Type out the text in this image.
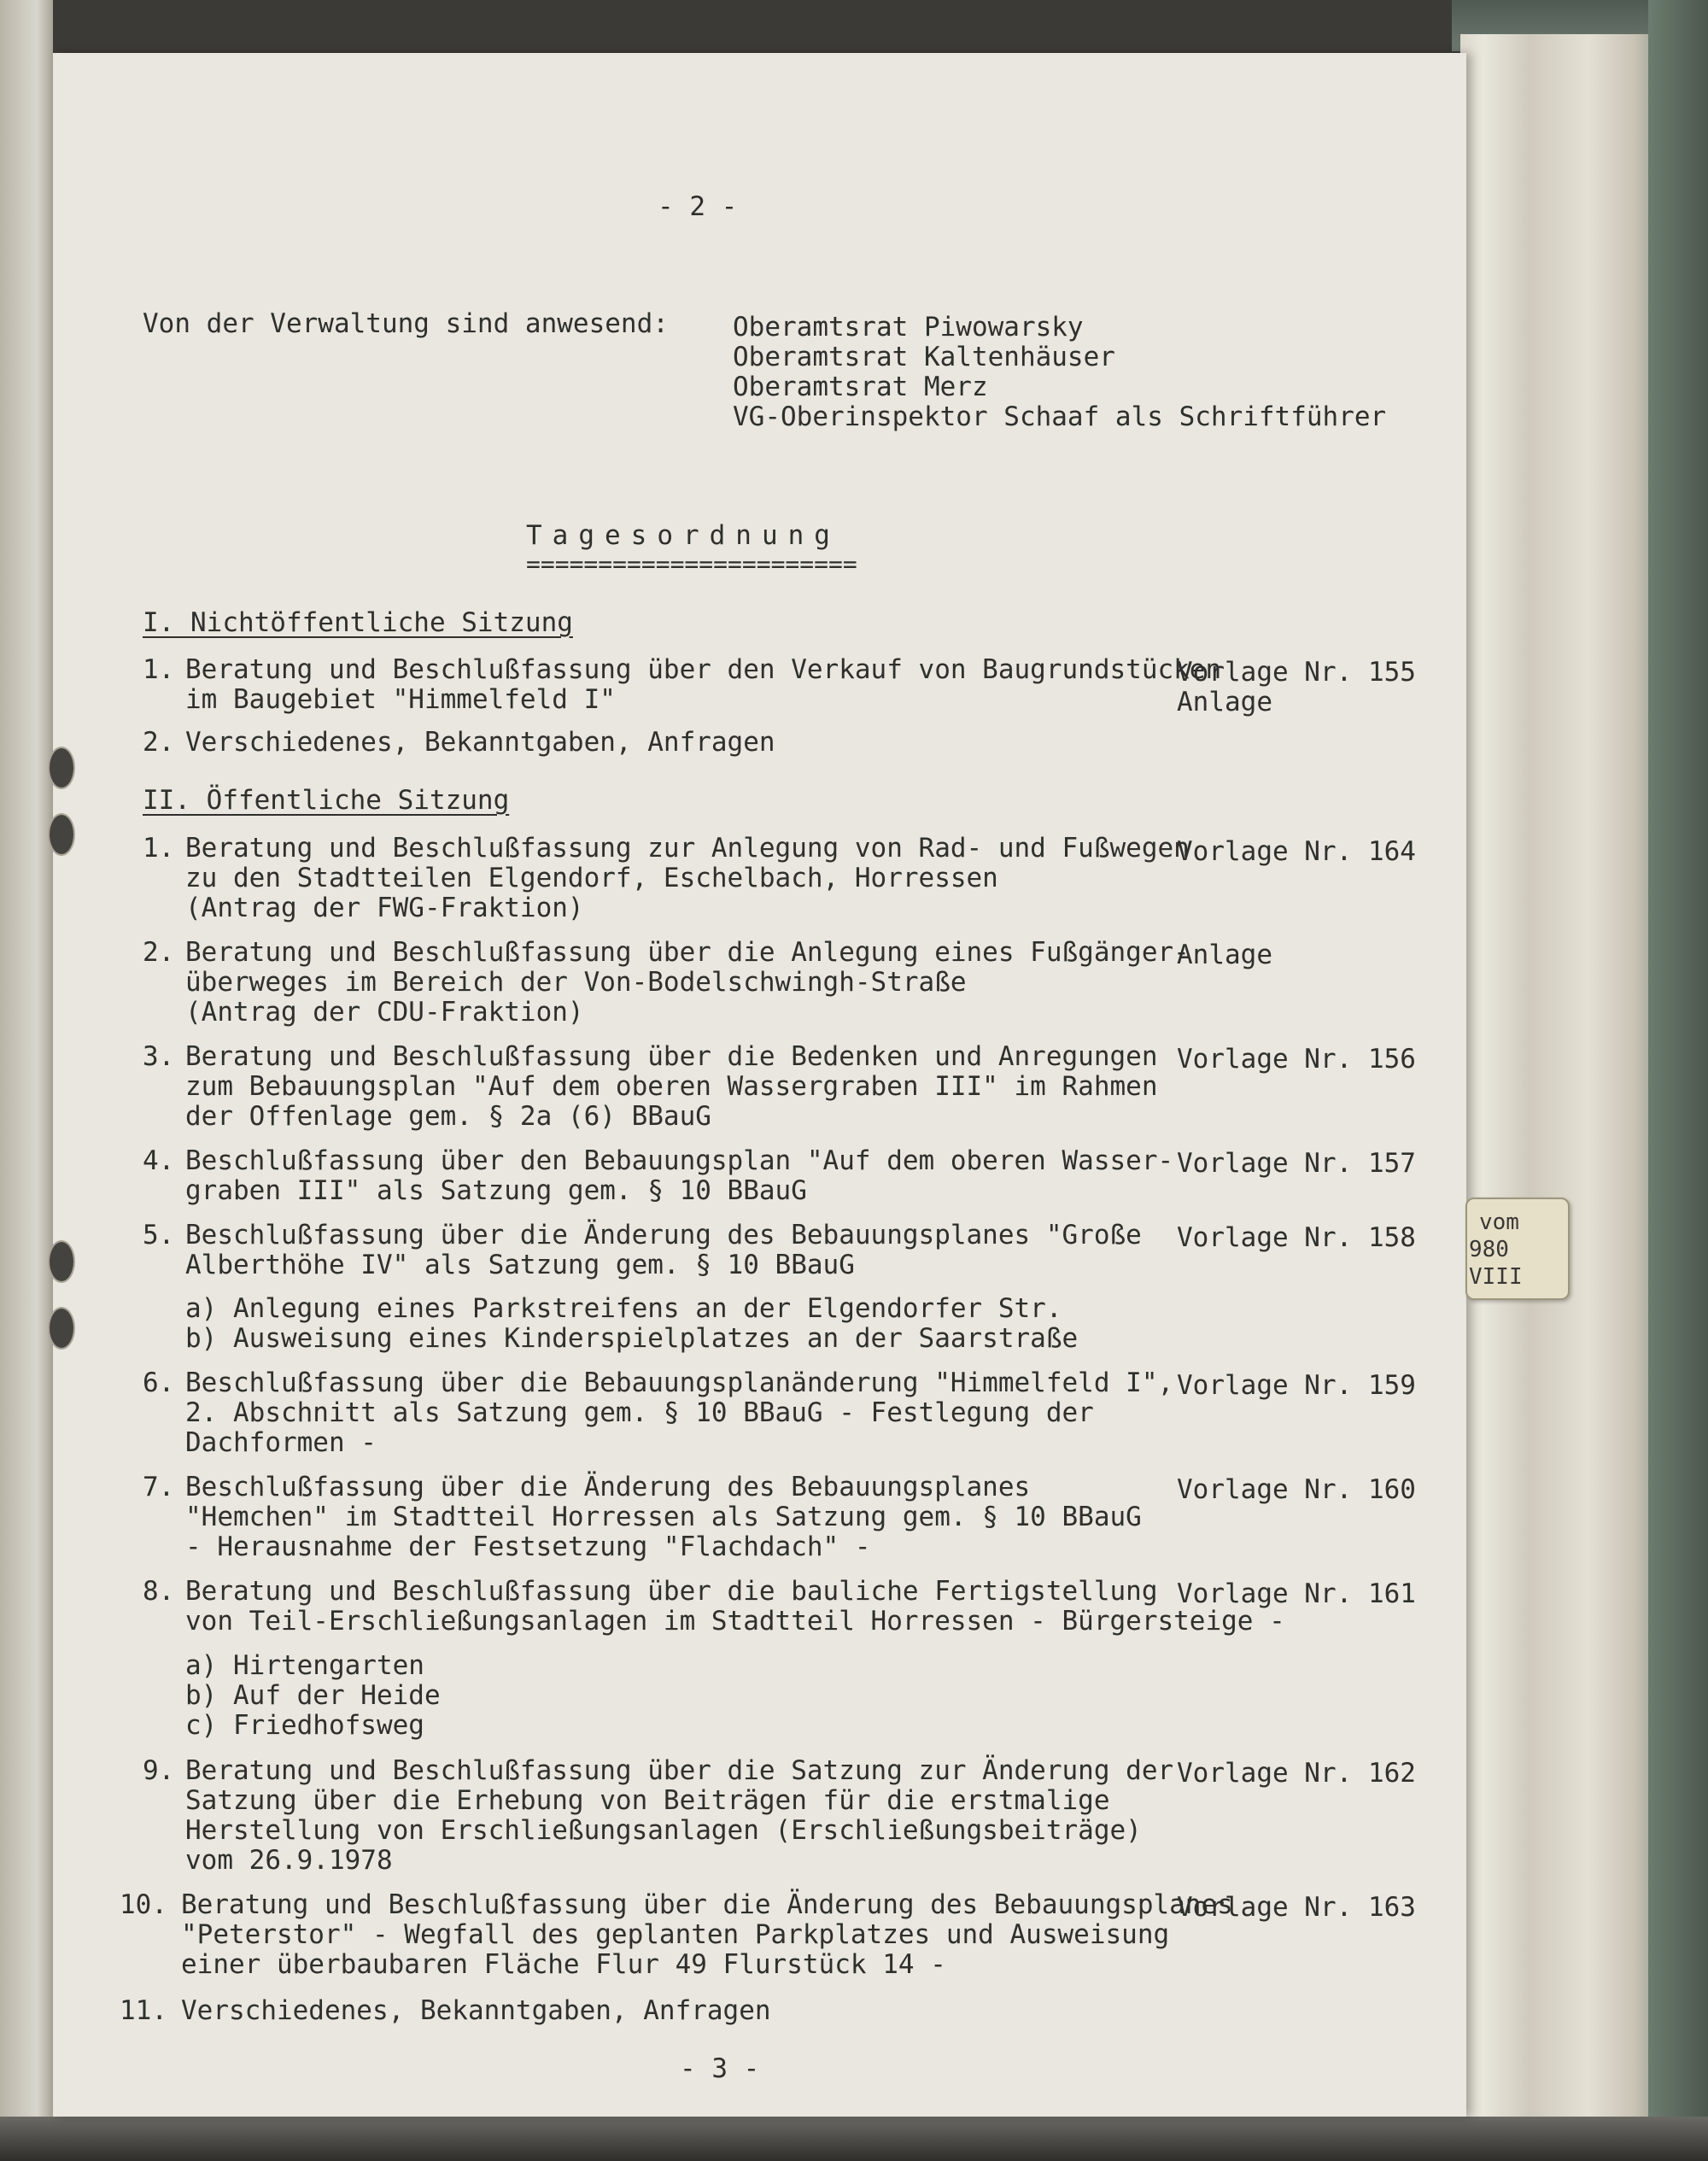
vom
980
VIII
- 2 -
Von der Verwaltung sind anwesend: Oberamtsrat Piwowarsky
Oberamtsrat Kaltenhäuser
Oberamtsrat Merz
VG-Oberinspektor Schaaf als Schriftführer
Tagesordnung
=======================
I. Nichtöffentliche Sitzung
1. Beratung und Beschlußfassung über den Verkauf von Baugrundstücken
im Baugebiet "Himmelfeld I"
Vorlage Nr. 155
Anlage
2. Verschiedenes, Bekanntgaben, Anfragen
II. Öffentliche Sitzung
1. Beratung und Beschlußfassung zur Anlegung von Rad- und Fußwegen
zu den Stadtteilen Elgendorf, Eschelbach, Horressen
(Antrag der FWG-Fraktion)
Vorlage Nr. 164
2. Beratung und Beschlußfassung über die Anlegung eines Fußgänger-
überweges im Bereich der Von-Bodelschwingh-Straße
(Antrag der CDU-Fraktion)
Anlage
3. Beratung und Beschlußfassung über die Bedenken und Anregungen
zum Bebauungsplan "Auf dem oberen Wassergraben III" im Rahmen
der Offenlage gem. § 2a (6) BBauG
Vorlage Nr. 156
4. Beschlußfassung über den Bebauungsplan "Auf dem oberen Wasser-
graben III" als Satzung gem. § 10 BBauG
Vorlage Nr. 157
5. Beschlußfassung über die Änderung des Bebauungsplanes "Große
Alberthöhe IV" als Satzung gem. § 10 BBauG
Vorlage Nr. 158
a) Anlegung eines Parkstreifens an der Elgendorfer Str.
b) Ausweisung eines Kinderspielplatzes an der Saarstraße
6. Beschlußfassung über die Bebauungsplanänderung "Himmelfeld I",
2. Abschnitt als Satzung gem. § 10 BBauG - Festlegung der
Dachformen -
Vorlage Nr. 159
7. Beschlußfassung über die Änderung des Bebauungsplanes
"Hemchen" im Stadtteil Horressen als Satzung gem. § 10 BBauG
- Herausnahme der Festsetzung "Flachdach" -
Vorlage Nr. 160
8. Beratung und Beschlußfassung über die bauliche Fertigstellung
von Teil-Erschließungsanlagen im Stadtteil Horressen - Bürgersteige -
Vorlage Nr. 161
a) Hirtengarten
b) Auf der Heide
c) Friedhofsweg
9. Beratung und Beschlußfassung über die Satzung zur Änderung der
Satzung über die Erhebung von Beiträgen für die erstmalige
Herstellung von Erschließungsanlagen (Erschließungsbeiträge)
vom 26.9.1978
Vorlage Nr. 162
10. Beratung und Beschlußfassung über die Änderung des Bebauungsplanes
"Peterstor" - Wegfall des geplanten Parkplatzes und Ausweisung
einer überbaubaren Fläche Flur 49 Flurstück 14 -
Vorlage Nr. 163
11. Verschiedenes, Bekanntgaben, Anfragen
- 3 -
